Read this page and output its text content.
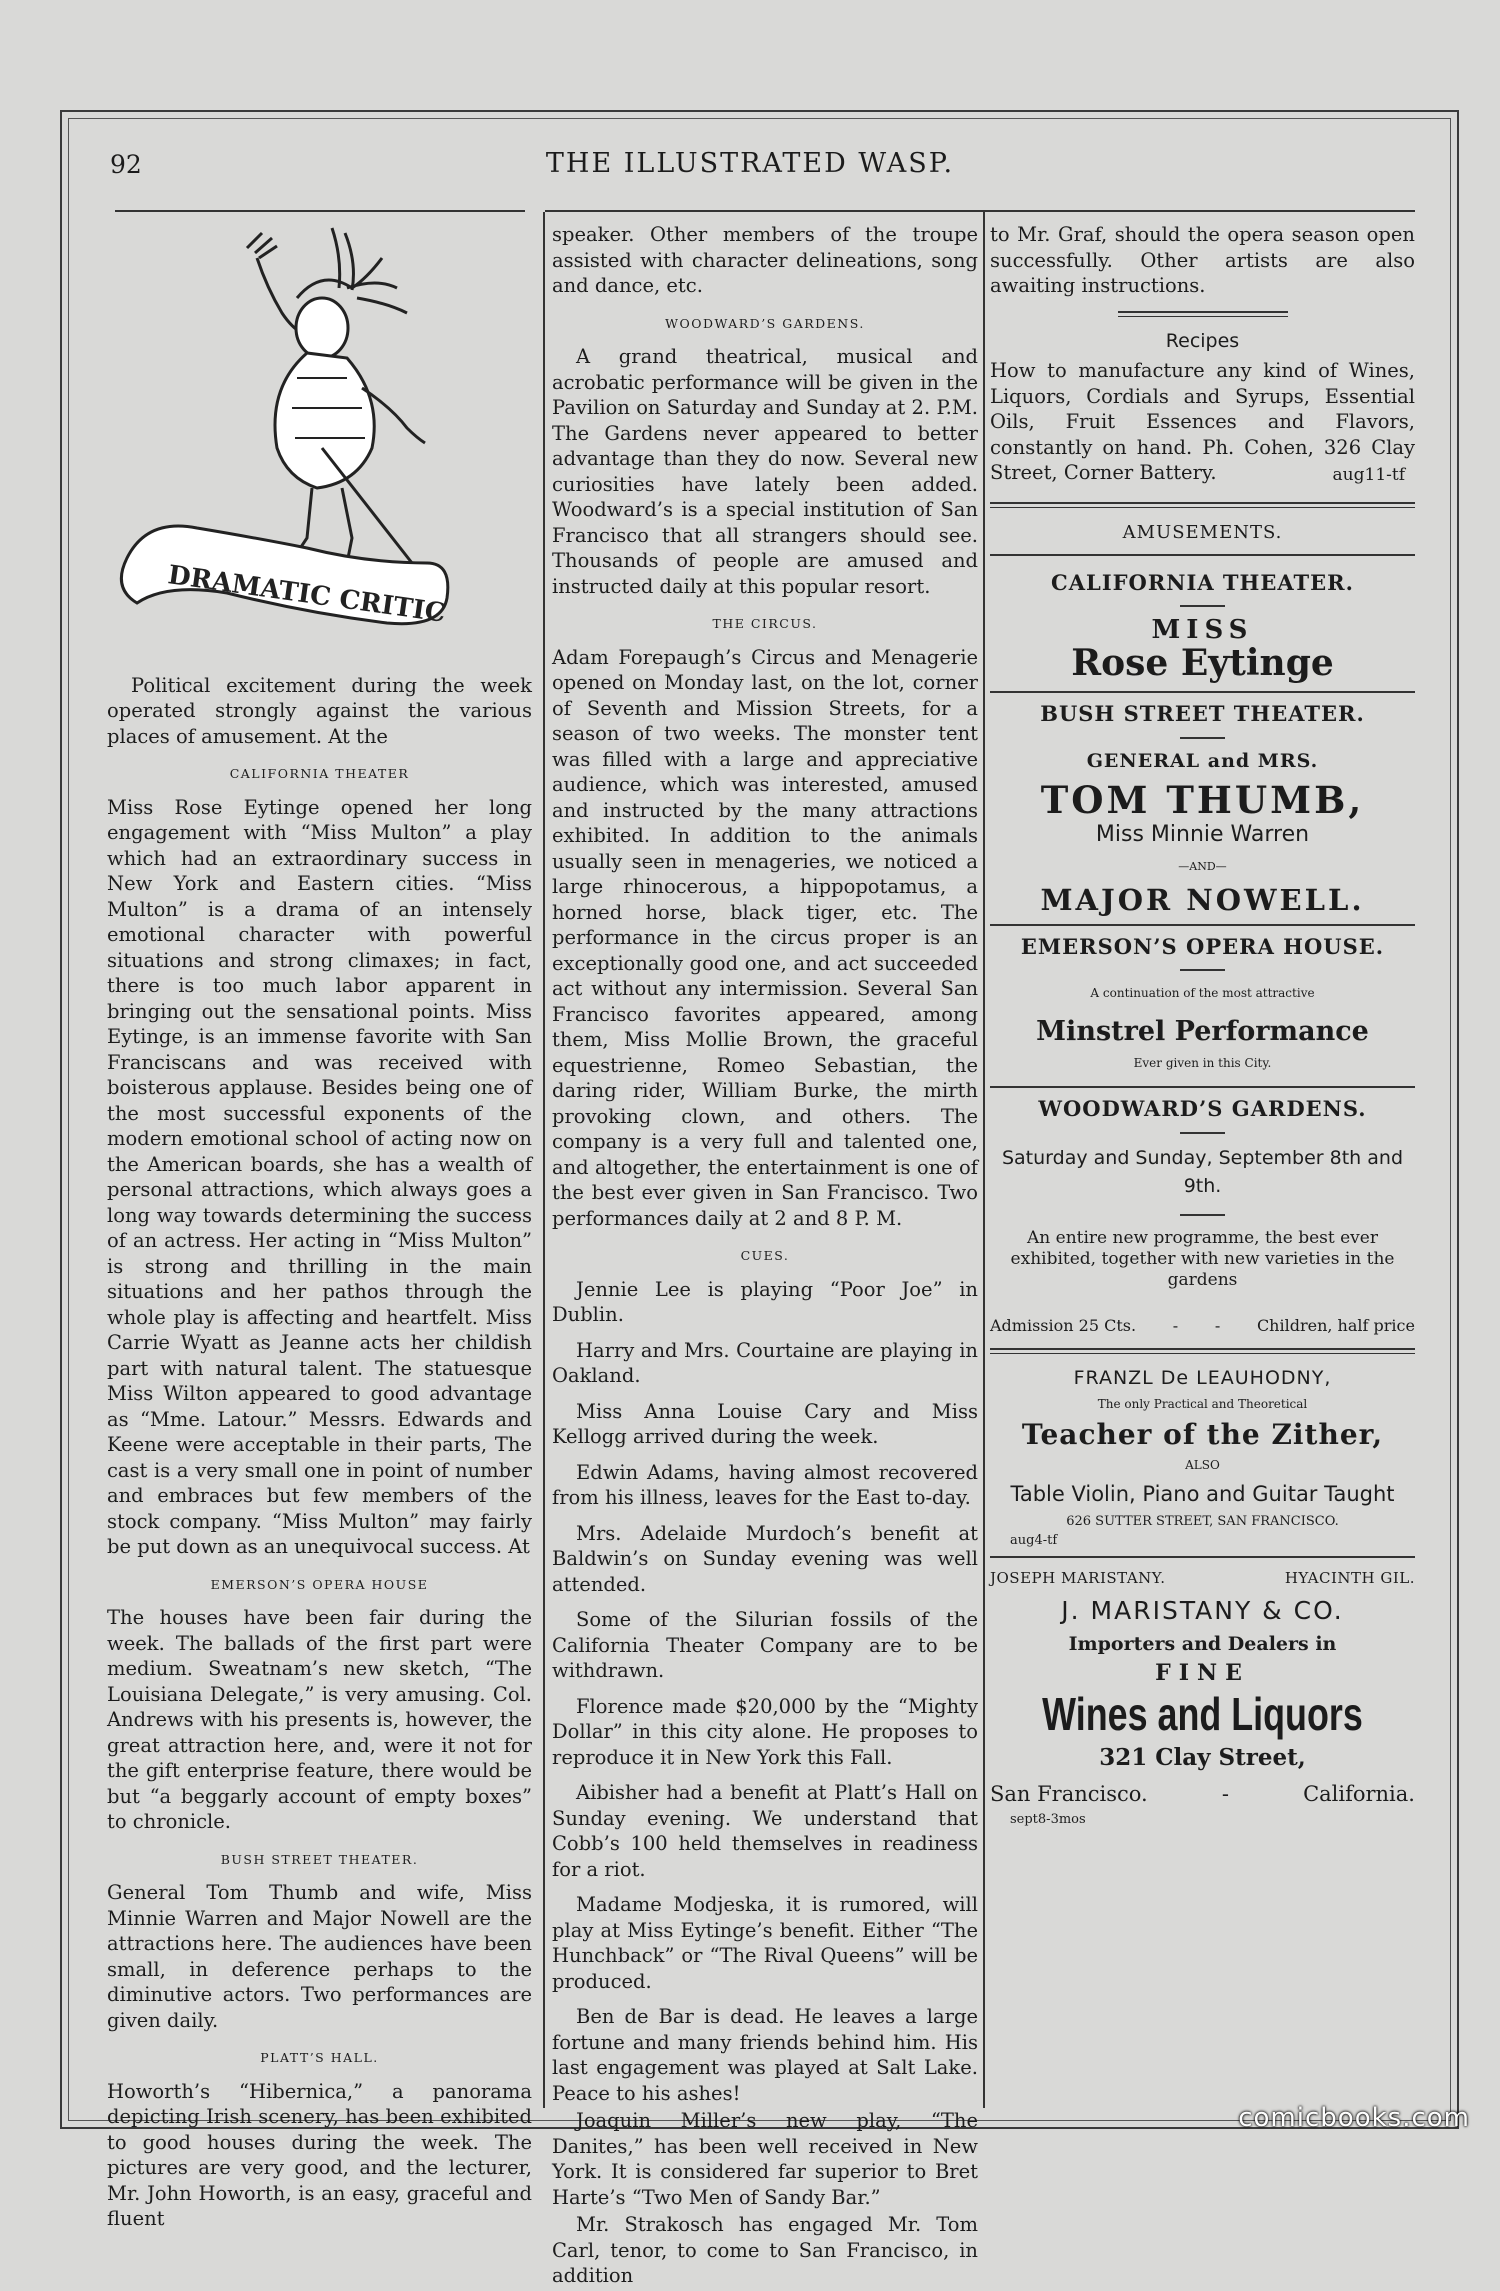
92	THE ILLUSTRATED WASP.
DRAMATIC CRITIC

Political excitement during the week operated strongly against the various places of amusement. At the

CALIFORNIA THEATER

Miss Rose Eytinge opened her long engagement with “Miss Multon” a play which had an extraordinary success in New York and Eastern cities. “Miss Multon” is a drama of an intensely emotional character with powerful situations and strong climaxes; in fact, there is too much labor apparent in bringing out the sensational points. Miss Eytinge, is an immense favorite with San Franciscans and was received with boisterous applause. Besides being one of the most successful exponents of the modern emotional school of acting now on the American boards, she has a wealth of personal attractions, which always goes a long way towards determining the success of an actress. Her acting in “Miss Multon” is strong and thrilling in the main situations and her pathos through the whole play is affecting and heartfelt. Miss Carrie Wyatt as Jeanne acts her childish part with natural talent. The statuesque Miss Wilton appeared to good advantage as “Mme. Latour.” Messrs. Edwards and Keene were acceptable in their parts, The cast is a very small one in point of number and embraces but few members of the stock company. “Miss Multon” may fairly be put down as an unequivocal success. At

EMERSON’S OPERA HOUSE

The houses have been fair during the week. The ballads of the first part were medium. Sweatnam’s new sketch, “The Louisiana Delegate,” is very amusing. Col. Andrews with his presents is, however, the great attraction here, and, were it not for the gift enterprise feature, there would be but “a beggarly account of empty boxes” to chronicle.

BUSH STREET THEATER.

General Tom Thumb and wife, Miss Minnie Warren and Major Nowell are the attractions here. The audiences have been small, in deference perhaps to the diminutive actors. Two performances are given daily.

PLATT’S HALL.

Howorth’s “Hibernica,” a panorama depicting Irish scenery, has been exhibited to good houses during the week. The pictures are very good, and the lecturer, Mr. John Howorth, is an easy, graceful and fluent

speaker. Other members of the troupe assisted with character delineations, song and dance, etc.

WOODWARD’S GARDENS.

A grand theatrical, musical and acrobatic performance will be given in the Pavilion on Saturday and Sunday at 2. P.M. The Gardens never appeared to better advantage than they do now. Several new curiosities have lately been added. Woodward’s is a special institution of San Francisco that all strangers should see. Thousands of people are amused and instructed daily at this popular resort.

THE CIRCUS.

Adam Forepaugh’s Circus and Menagerie opened on Monday last, on the lot, corner of Seventh and Mission Streets, for a season of two weeks. The monster tent was filled with a large and appreciative audience, which was interested, amused and instructed by the many attractions exhibited. In addition to the animals usually seen in menageries, we noticed a large rhinocerous, a hippopotamus, a horned horse, black tiger, etc. The performance in the circus proper is an exceptionally good one, and act succeeded act without any intermission. Several San Francisco favorites appeared, among them, Miss Mollie Brown, the graceful equestrienne, Romeo Sebastian, the daring rider, William Burke, the mirth provoking clown, and others. The company is a very full and talented one, and altogether, the entertainment is one of the best ever given in San Francisco. Two performances daily at 2 and 8 P. M.

CUES.

Jennie Lee is playing “Poor Joe” in Dublin.

Harry and Mrs. Courtaine are playing in Oakland.

Miss Anna Louise Cary and Miss Kellogg arrived during the week.

Edwin Adams, having almost recovered from his illness, leaves for the East to-day.

Mrs. Adelaide Murdoch’s benefit at Baldwin’s on Sunday evening was well attended.

Some of the Silurian fossils of the California Theater Company are to be withdrawn.

Florence made $20,000 by the “Mighty Dollar” in this city alone. He proposes to reproduce it in New York this Fall.

Aibisher had a benefit at Platt’s Hall on Sunday evening. We understand that Cobb’s 100 held themselves in readiness for a riot.

Madame Modjeska, it is rumored, will play at Miss Eytinge’s benefit. Either “The Hunchback” or “The Rival Queens” will be produced.

Ben de Bar is dead. He leaves a large fortune and many friends behind him. His last engagement was played at Salt Lake. Peace to his ashes!

Joaquin Miller’s new play, “The Danites,” has been well received in New York. It is considered far superior to Bret Harte’s “Two Men of Sandy Bar.”

Mr. Strakosch has engaged Mr. Tom Carl, tenor, to come to San Francisco, in addition

to Mr. Graf, should the opera season open successfully. Other artists are also awaiting instructions.

Recipes

How to manufacture any kind of Wines, Liquors, Cordials and Syrups, Essential Oils, Fruit Essences and Flavors, constantly on hand. Ph. Cohen, 326 Clay Street, Corner Battery.	aug11-tf
AMUSEMENTS.
CALIFORNIA THEATER.
MISS
Rose Eytinge
BUSH STREET THEATER.
GENERAL and MRS.
TOM THUMB,
Miss Minnie Warren
—AND—
MAJOR NOWELL.
EMERSON’S OPERA HOUSE.
A continuation of the most attractive
Minstrel Performance
Ever given in this City.
WOODWARD’S GARDENS.
Saturday and Sunday, September 8th and 9th.
An entire new programme, the best ever exhibited, together with new varieties in the gardens
Admission 25 Cts. - - Children, half price
FRANZL De LEAUHODNY,
The only Practical and Theoretical
Teacher of the Zither,
ALSO
Table Violin, Piano and Guitar Taught
626 SUTTER STREET, SAN FRANCISCO.
aug4-tf
JOSEPH MARISTANY.	HYACINTH GIL.
J. MARISTANY & CO.
Importers and Dealers in
FINE
Wines and Liquors
321 Clay Street,
San Francisco.	-	California.
sept8-3mos
comicbooks.com
